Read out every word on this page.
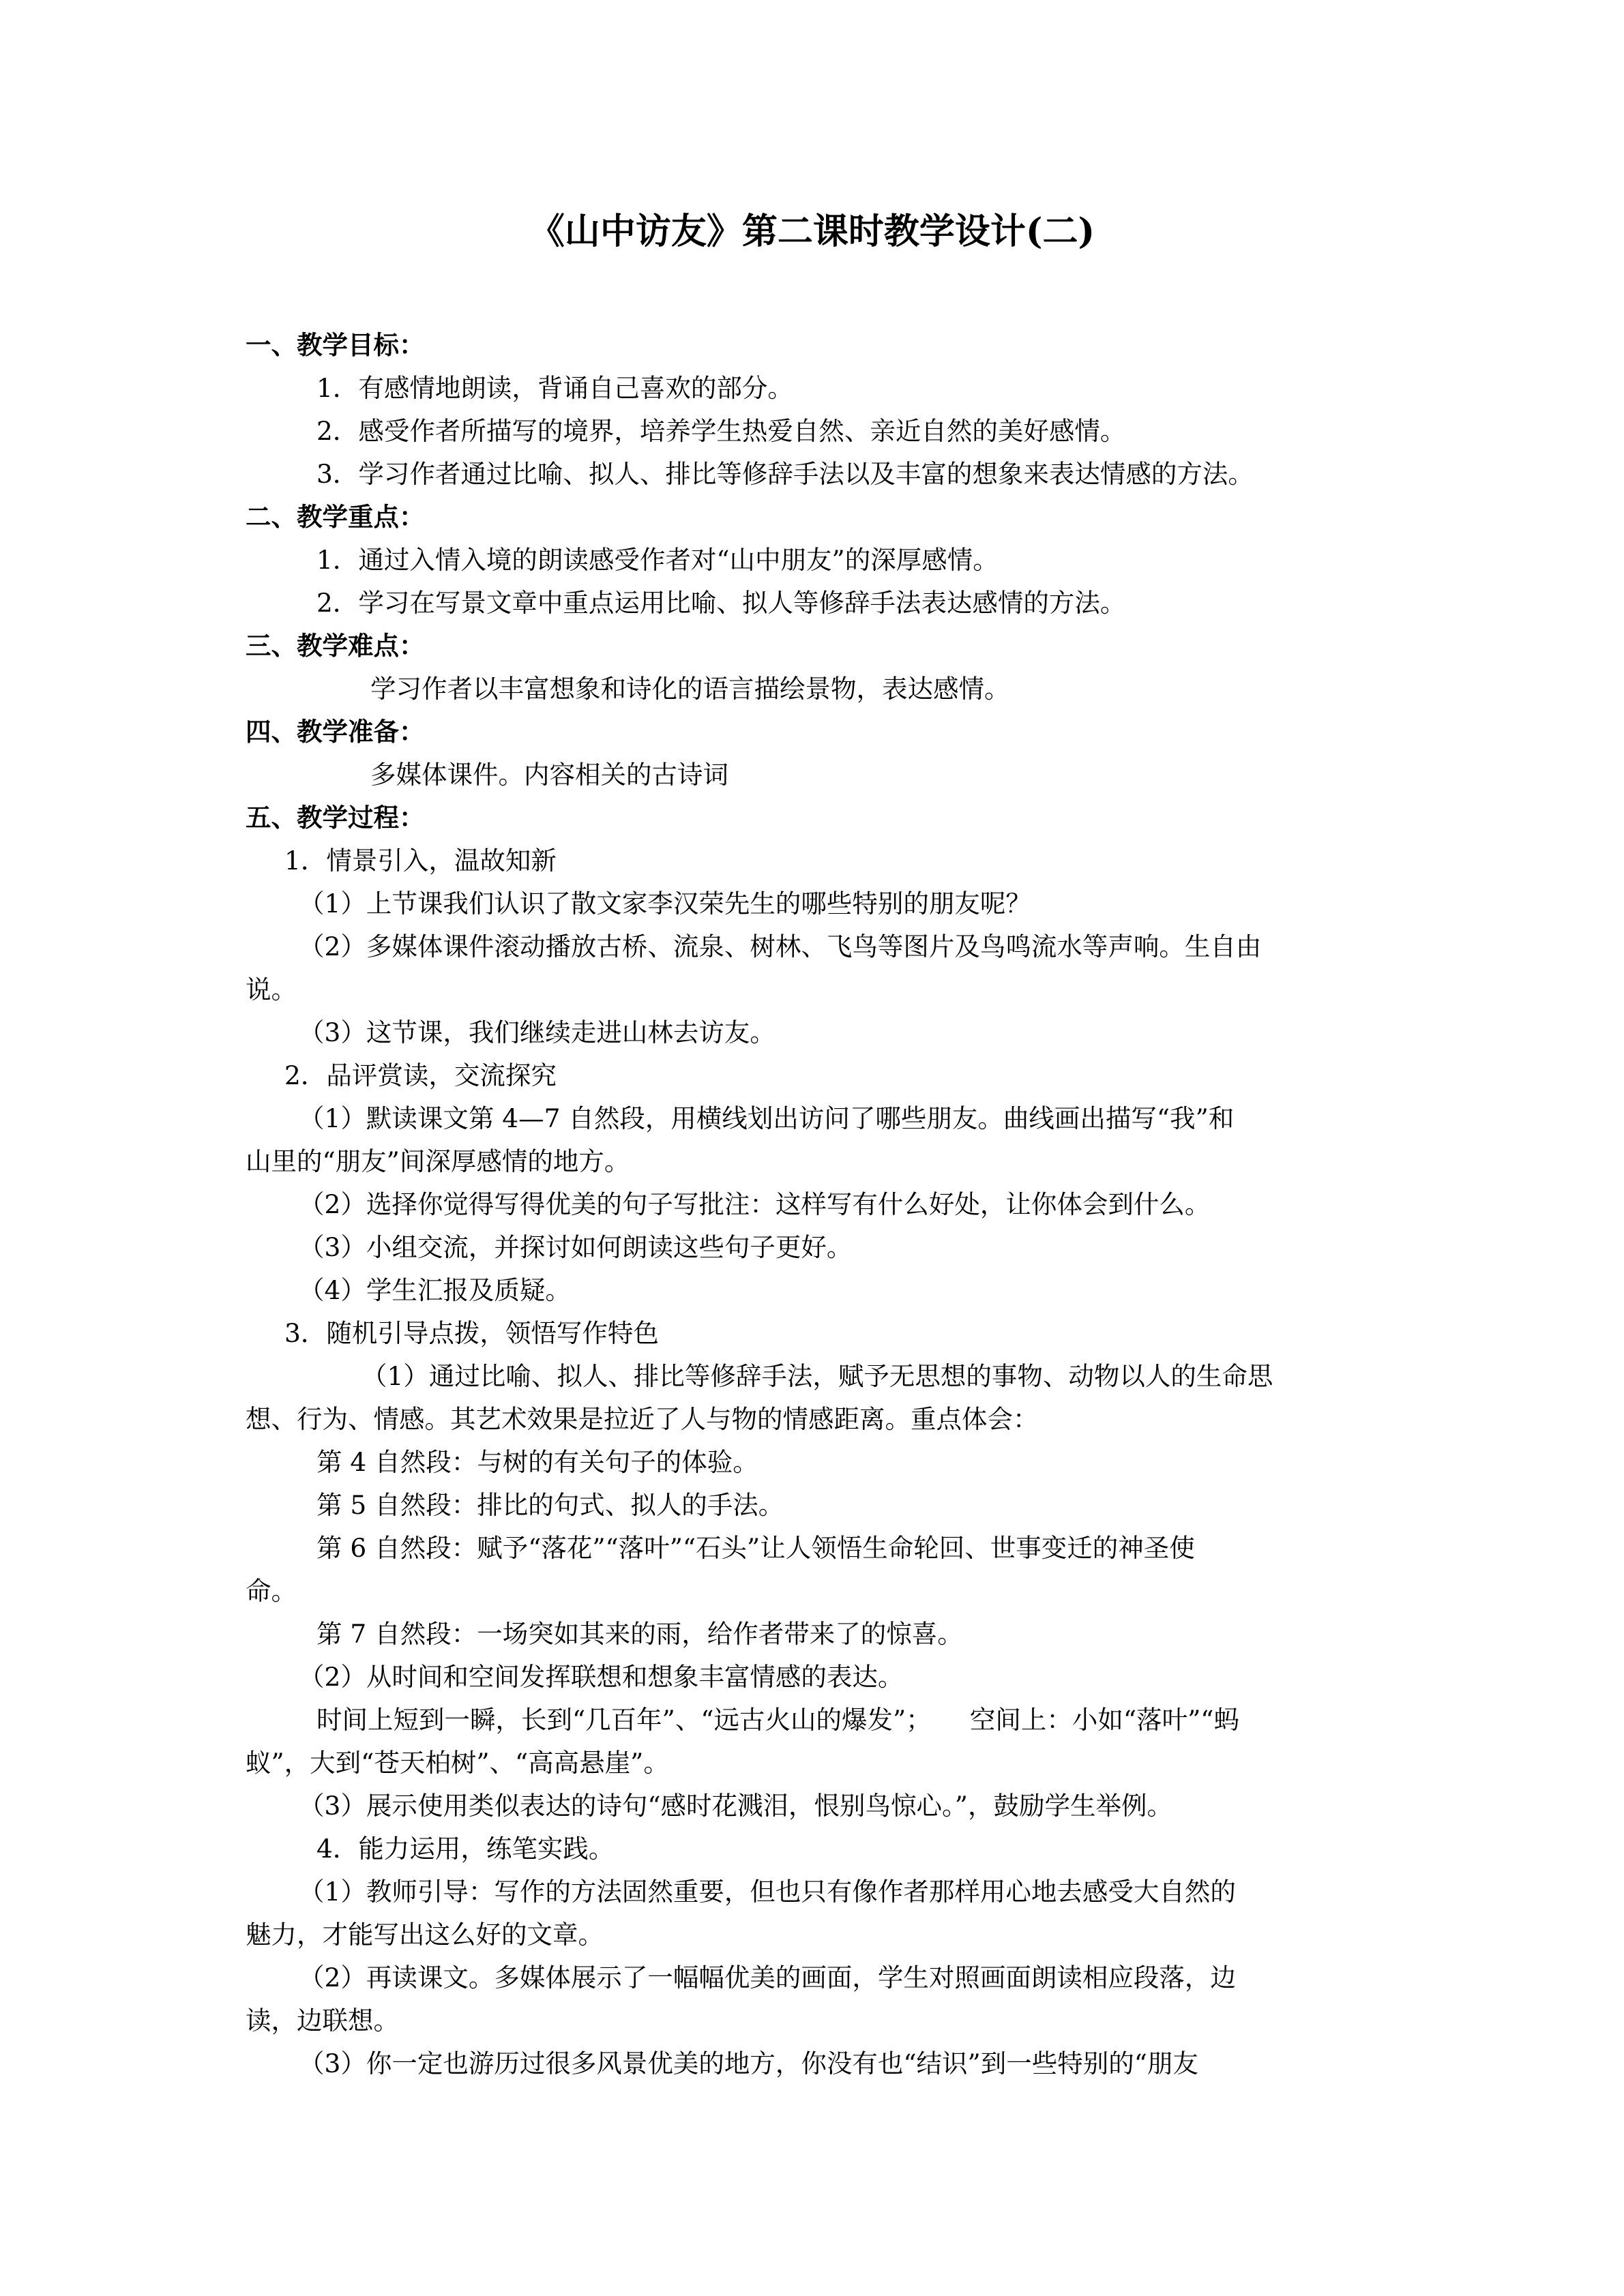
《山中访友》第二课时教学设计(二)
一、教学目标：
1．有感情地朗读，背诵自己喜欢的部分。
2．感受作者所描写的境界，培养学生热爱自然、亲近自然的美好感情。
3．学习作者通过比喻、拟人、排比等修辞手法以及丰富的想象来表达情感的方法。
二、教学重点：
1．通过入情入境的朗读感受作者对“山中朋友”的深厚感情。
2．学习在写景文章中重点运用比喻、拟人等修辞手法表达感情的方法。
三、教学难点：
学习作者以丰富想象和诗化的语言描绘景物，表达感情。
四、教学准备：
多媒体课件。内容相关的古诗词
五、教学过程：
1．情景引入，温故知新
（1）上节课我们认识了散文家李汉荣先生的哪些特别的朋友呢？
（2）多媒体课件滚动播放古桥、流泉、树林、飞鸟等图片及鸟鸣流水等声响。生自由
说。
（3）这节课，我们继续走进山林去访友。
2．品评赏读，交流探究
（1）默读课文第 4—7 自然段，用横线划出访问了哪些朋友。曲线画出描写“我”和
山里的“朋友”间深厚感情的地方。
（2）选择你觉得写得优美的句子写批注：这样写有什么好处，让你体会到什么。
（3）小组交流，并探讨如何朗读这些句子更好。
（4）学生汇报及质疑。
3．随机引导点拨，领悟写作特色
（1）通过比喻、拟人、排比等修辞手法，赋予无思想的事物、动物以人的生命思
想、行为、情感。其艺术效果是拉近了人与物的情感距离。重点体会：
第 4 自然段：与树的有关句子的体验。
第 5 自然段：排比的句式、拟人的手法。
第 6 自然段：赋予“落花”“落叶”“石头”让人领悟生命轮回、世事变迁的神圣使
命。
第 7 自然段：一场突如其来的雨，给作者带来了的惊喜。
（2）从时间和空间发挥联想和想象丰富情感的表达。
时间上短到一瞬，长到“几百年”、“远古火山的爆发”；　　空间上：小如“落叶”“蚂
蚁”，大到“苍天柏树”、“高高悬崖”。
（3）展示使用类似表达的诗句“感时花溅泪，恨别鸟惊心。”，鼓励学生举例。
4．能力运用，练笔实践。
（1）教师引导：写作的方法固然重要，但也只有像作者那样用心地去感受大自然的
魅力，才能写出这么好的文章。
（2）再读课文。多媒体展示了一幅幅优美的画面，学生对照画面朗读相应段落，边
读，边联想。
（3）你一定也游历过很多风景优美的地方，你没有也“结识”到一些特别的“朋友
